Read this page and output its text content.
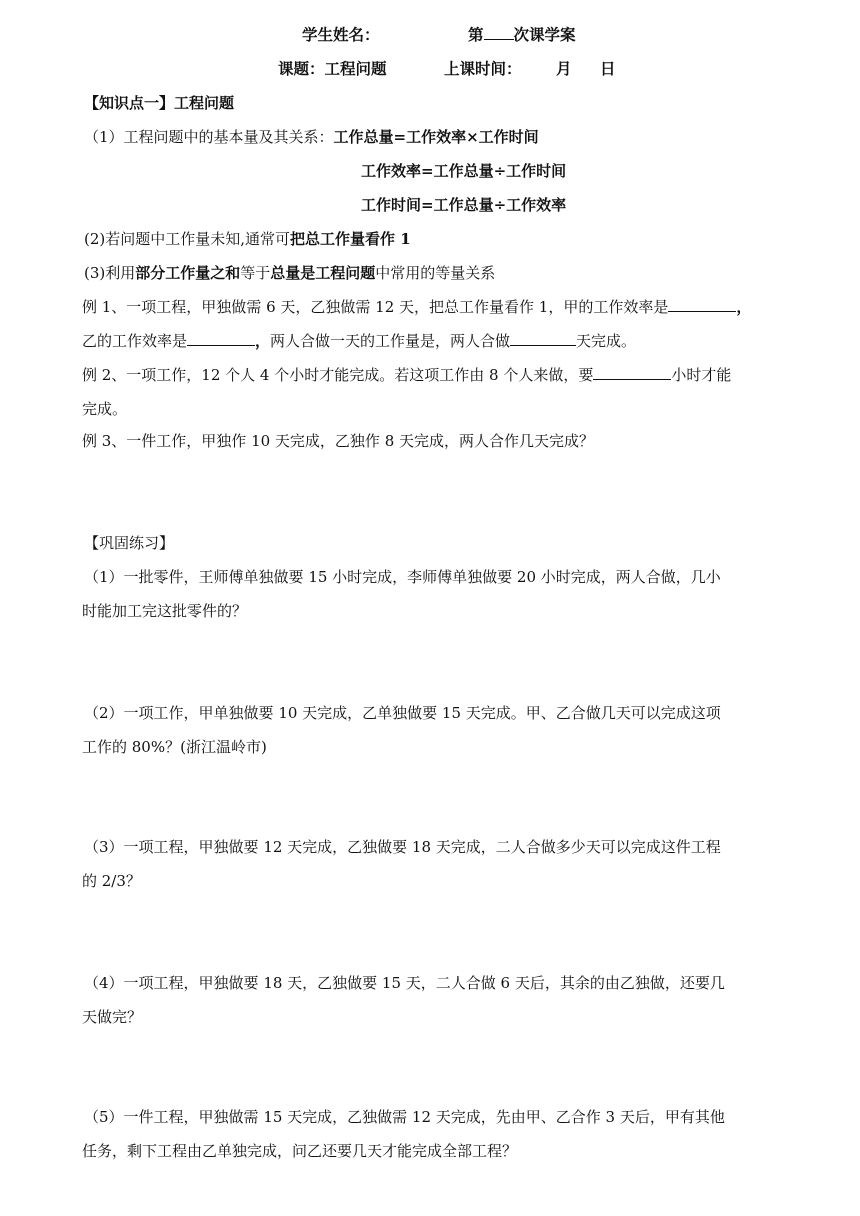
学生姓名：	第 次课学案
课题：工程问题	上课时间： 月 日
【知识点一】工程问题
（1）工程问题中的基本量及其关系：工作总量=工作效率×工作时间
工作效率=工作总量÷工作时间
工作时间=工作总量÷工作效率
(2)若问题中工作量未知,通常可把总工作量看作 1
(3)利用部分工作量之和等于总量是工程问题中常用的等量关系
例 1、一项工程，甲独做需 6 天，乙独做需 12 天，把总工作量看作 1，甲的工作效率是	，
乙的工作效率是	，两人合做一天的工作量是，两人合做	天完成。
例 2、一项工作，12 个人 4 个小时才能完成。若这项工作由 8 个人来做，要	小时才能
完成。
例 3、一件工作，甲独作 10 天完成，乙独作 8 天完成，两人合作几天完成？
【巩固练习】
（1）一批零件，王师傅单独做要 15 小时完成，李师傅单独做要 20 小时完成，两人合做，几小
时能加工完这批零件的？
（2）一项工作，甲单独做要 10 天完成，乙单独做要 15 天完成。甲、乙合做几天可以完成这项
工作的 80%？(浙江温岭市)
（3）一项工程，甲独做要 12 天完成，乙独做要 18 天完成，二人合做多少天可以完成这件工程
的 2/3？
（4）一项工程，甲独做要 18 天，乙独做要 15 天，二人合做 6 天后，其余的由乙独做，还要几
天做完？
（5）一件工程，甲独做需 15 天完成，乙独做需 12 天完成，先由甲、乙合作 3 天后，甲有其他
任务，剩下工程由乙单独完成，问乙还要几天才能完成全部工程？
